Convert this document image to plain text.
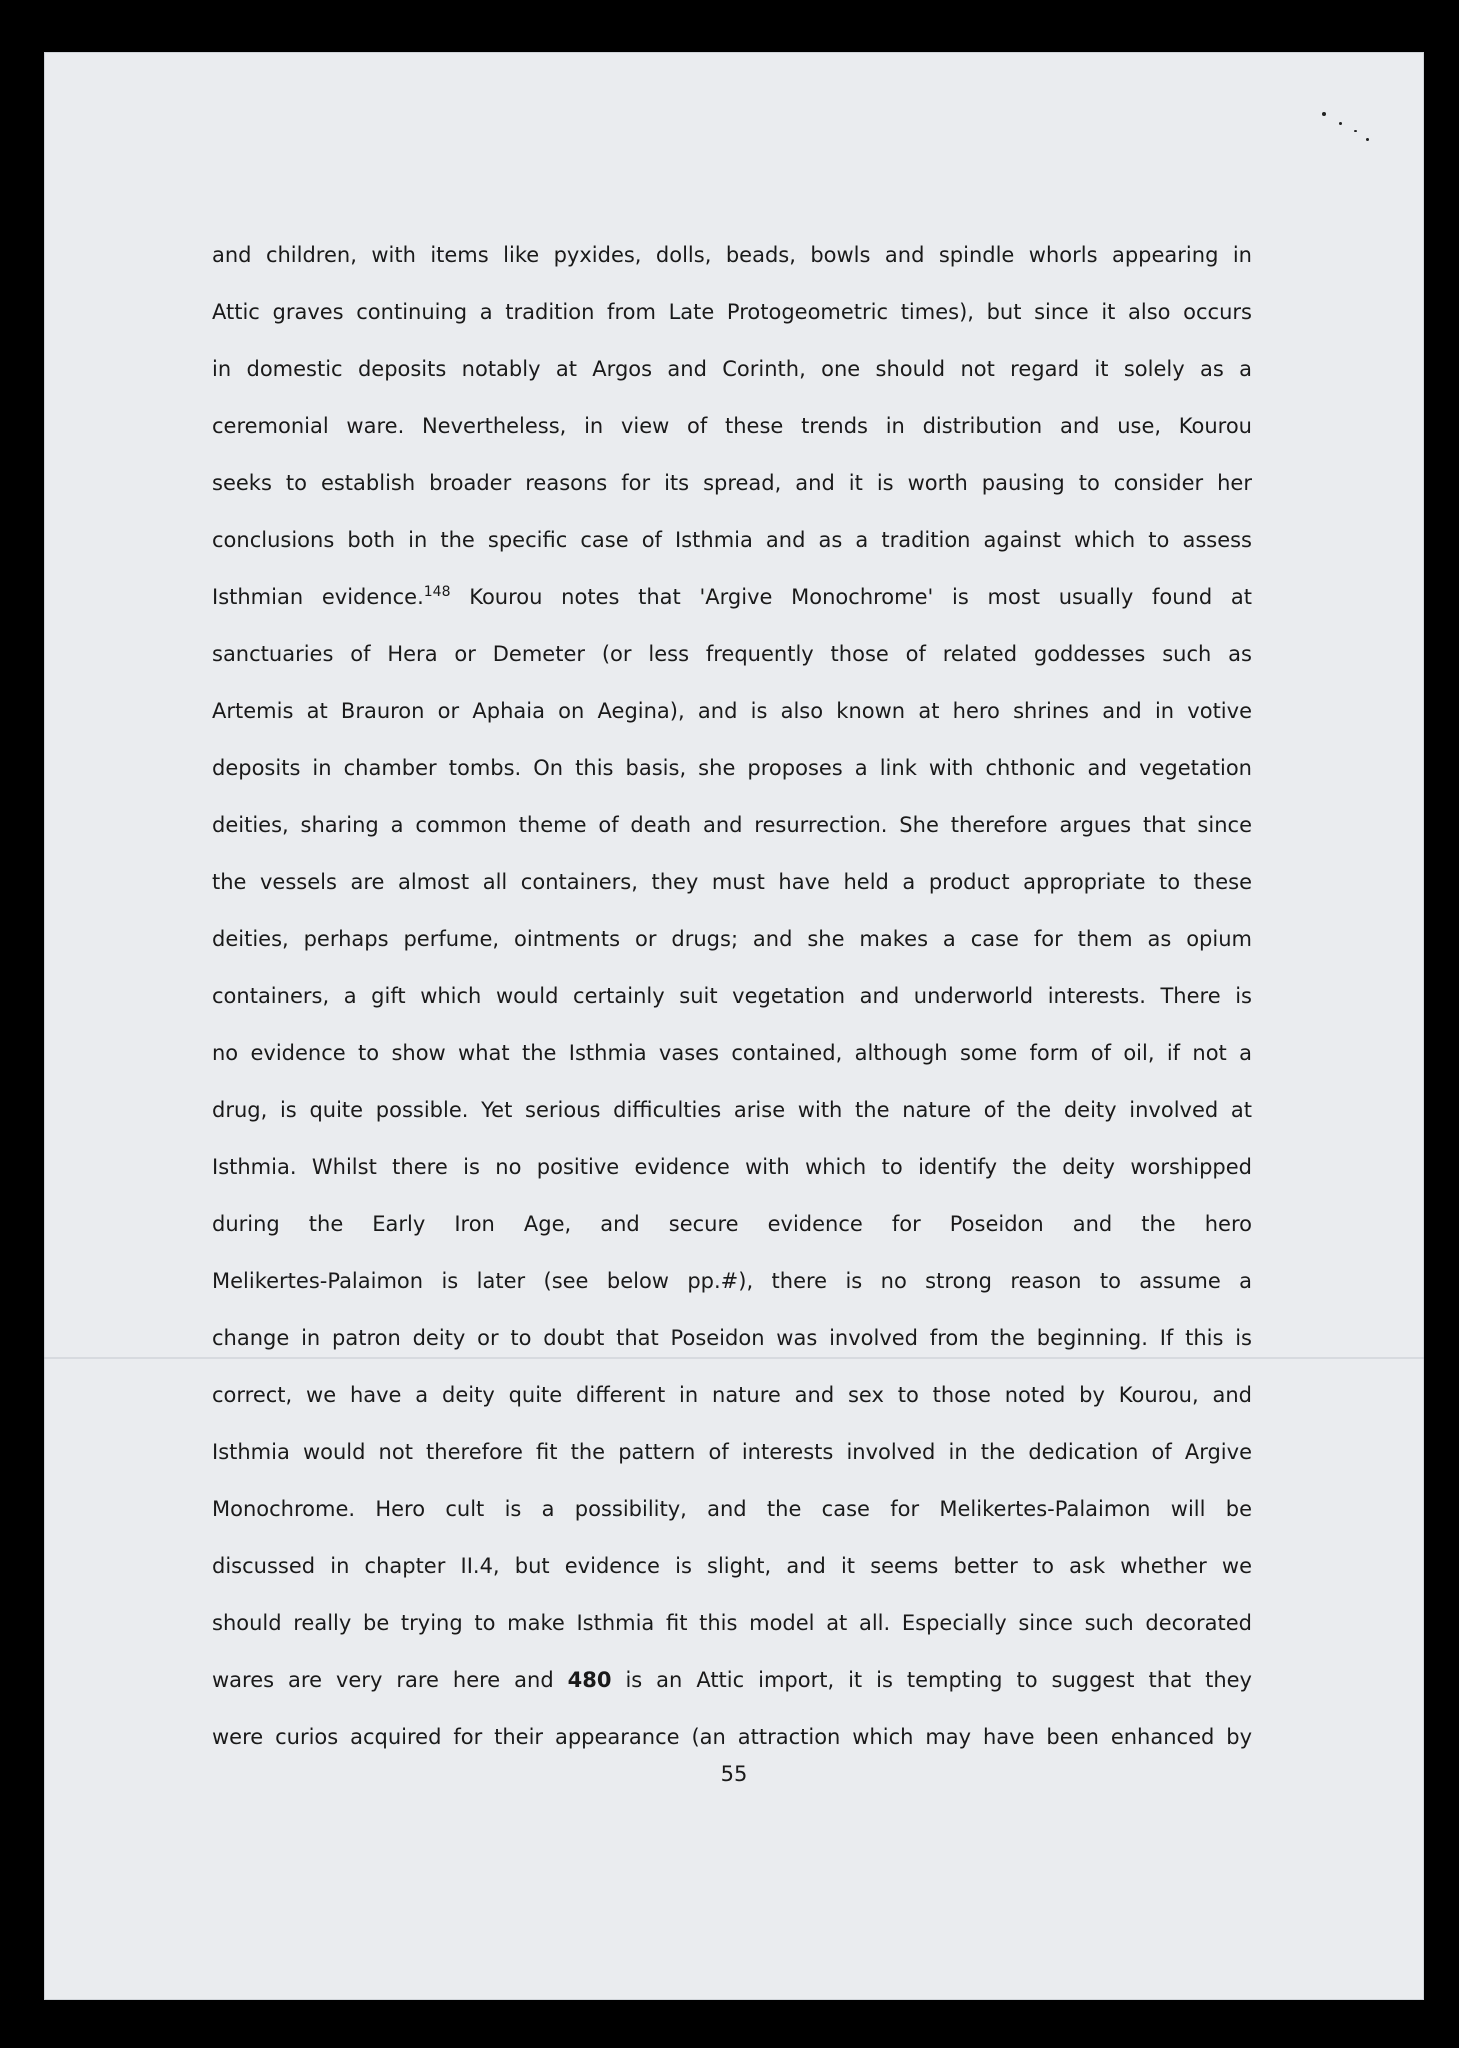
and children, with items like pyxides, dolls, beads, bowls and spindle whorls appearing in
Attic graves continuing a tradition from Late Protogeometric times), but since it also occurs
in domestic deposits notably at Argos and Corinth, one should not regard it solely as a
ceremonial ware. Nevertheless, in view of these trends in distribution and use, Kourou
seeks to establish broader reasons for its spread, and it is worth pausing to consider her
conclusions both in the specific case of Isthmia and as a tradition against which to assess
Isthmian evidence.$^{148}$ Kourou notes that 'Argive Monochrome' is most usually found at
sanctuaries of Hera or Demeter (or less frequently those of related goddesses such as
Artemis at Brauron or Aphaia on Aegina), and is also known at hero shrines and in votive
deposits in chamber tombs. On this basis, she proposes a link with chthonic and vegetation
deities, sharing a common theme of death and resurrection. She therefore argues that since
the vessels are almost all containers, they must have held a product appropriate to these
deities, perhaps perfume, ointments or drugs; and she makes a case for them as opium
containers, a gift which would certainly suit vegetation and underworld interests. There is
no evidence to show what the Isthmia vases contained, although some form of oil, if not a
drug, is quite possible. Yet serious difficulties arise with the nature of the deity involved at
Isthmia. Whilst there is no positive evidence with which to identify the deity worshipped
during the Early Iron Age, and secure evidence for Poseidon and the hero
Melikertes-Palaimon is later (see below pp.#), there is no strong reason to assume a
change in patron deity or to doubt that Poseidon was involved from the beginning. If this is
correct, we have a deity quite different in nature and sex to those noted by Kourou, and
Isthmia would not therefore fit the pattern of interests involved in the dedication of Argive
Monochrome. Hero cult is a possibility, and the case for Melikertes-Palaimon will be
discussed in chapter II.4, but evidence is slight, and it seems better to ask whether we
should really be trying to make Isthmia fit this model at all. Especially since such decorated
wares are very rare here and 480 is an Attic import, it is tempting to suggest that they
were curios acquired for their appearance (an attraction which may have been enhanced by
55
